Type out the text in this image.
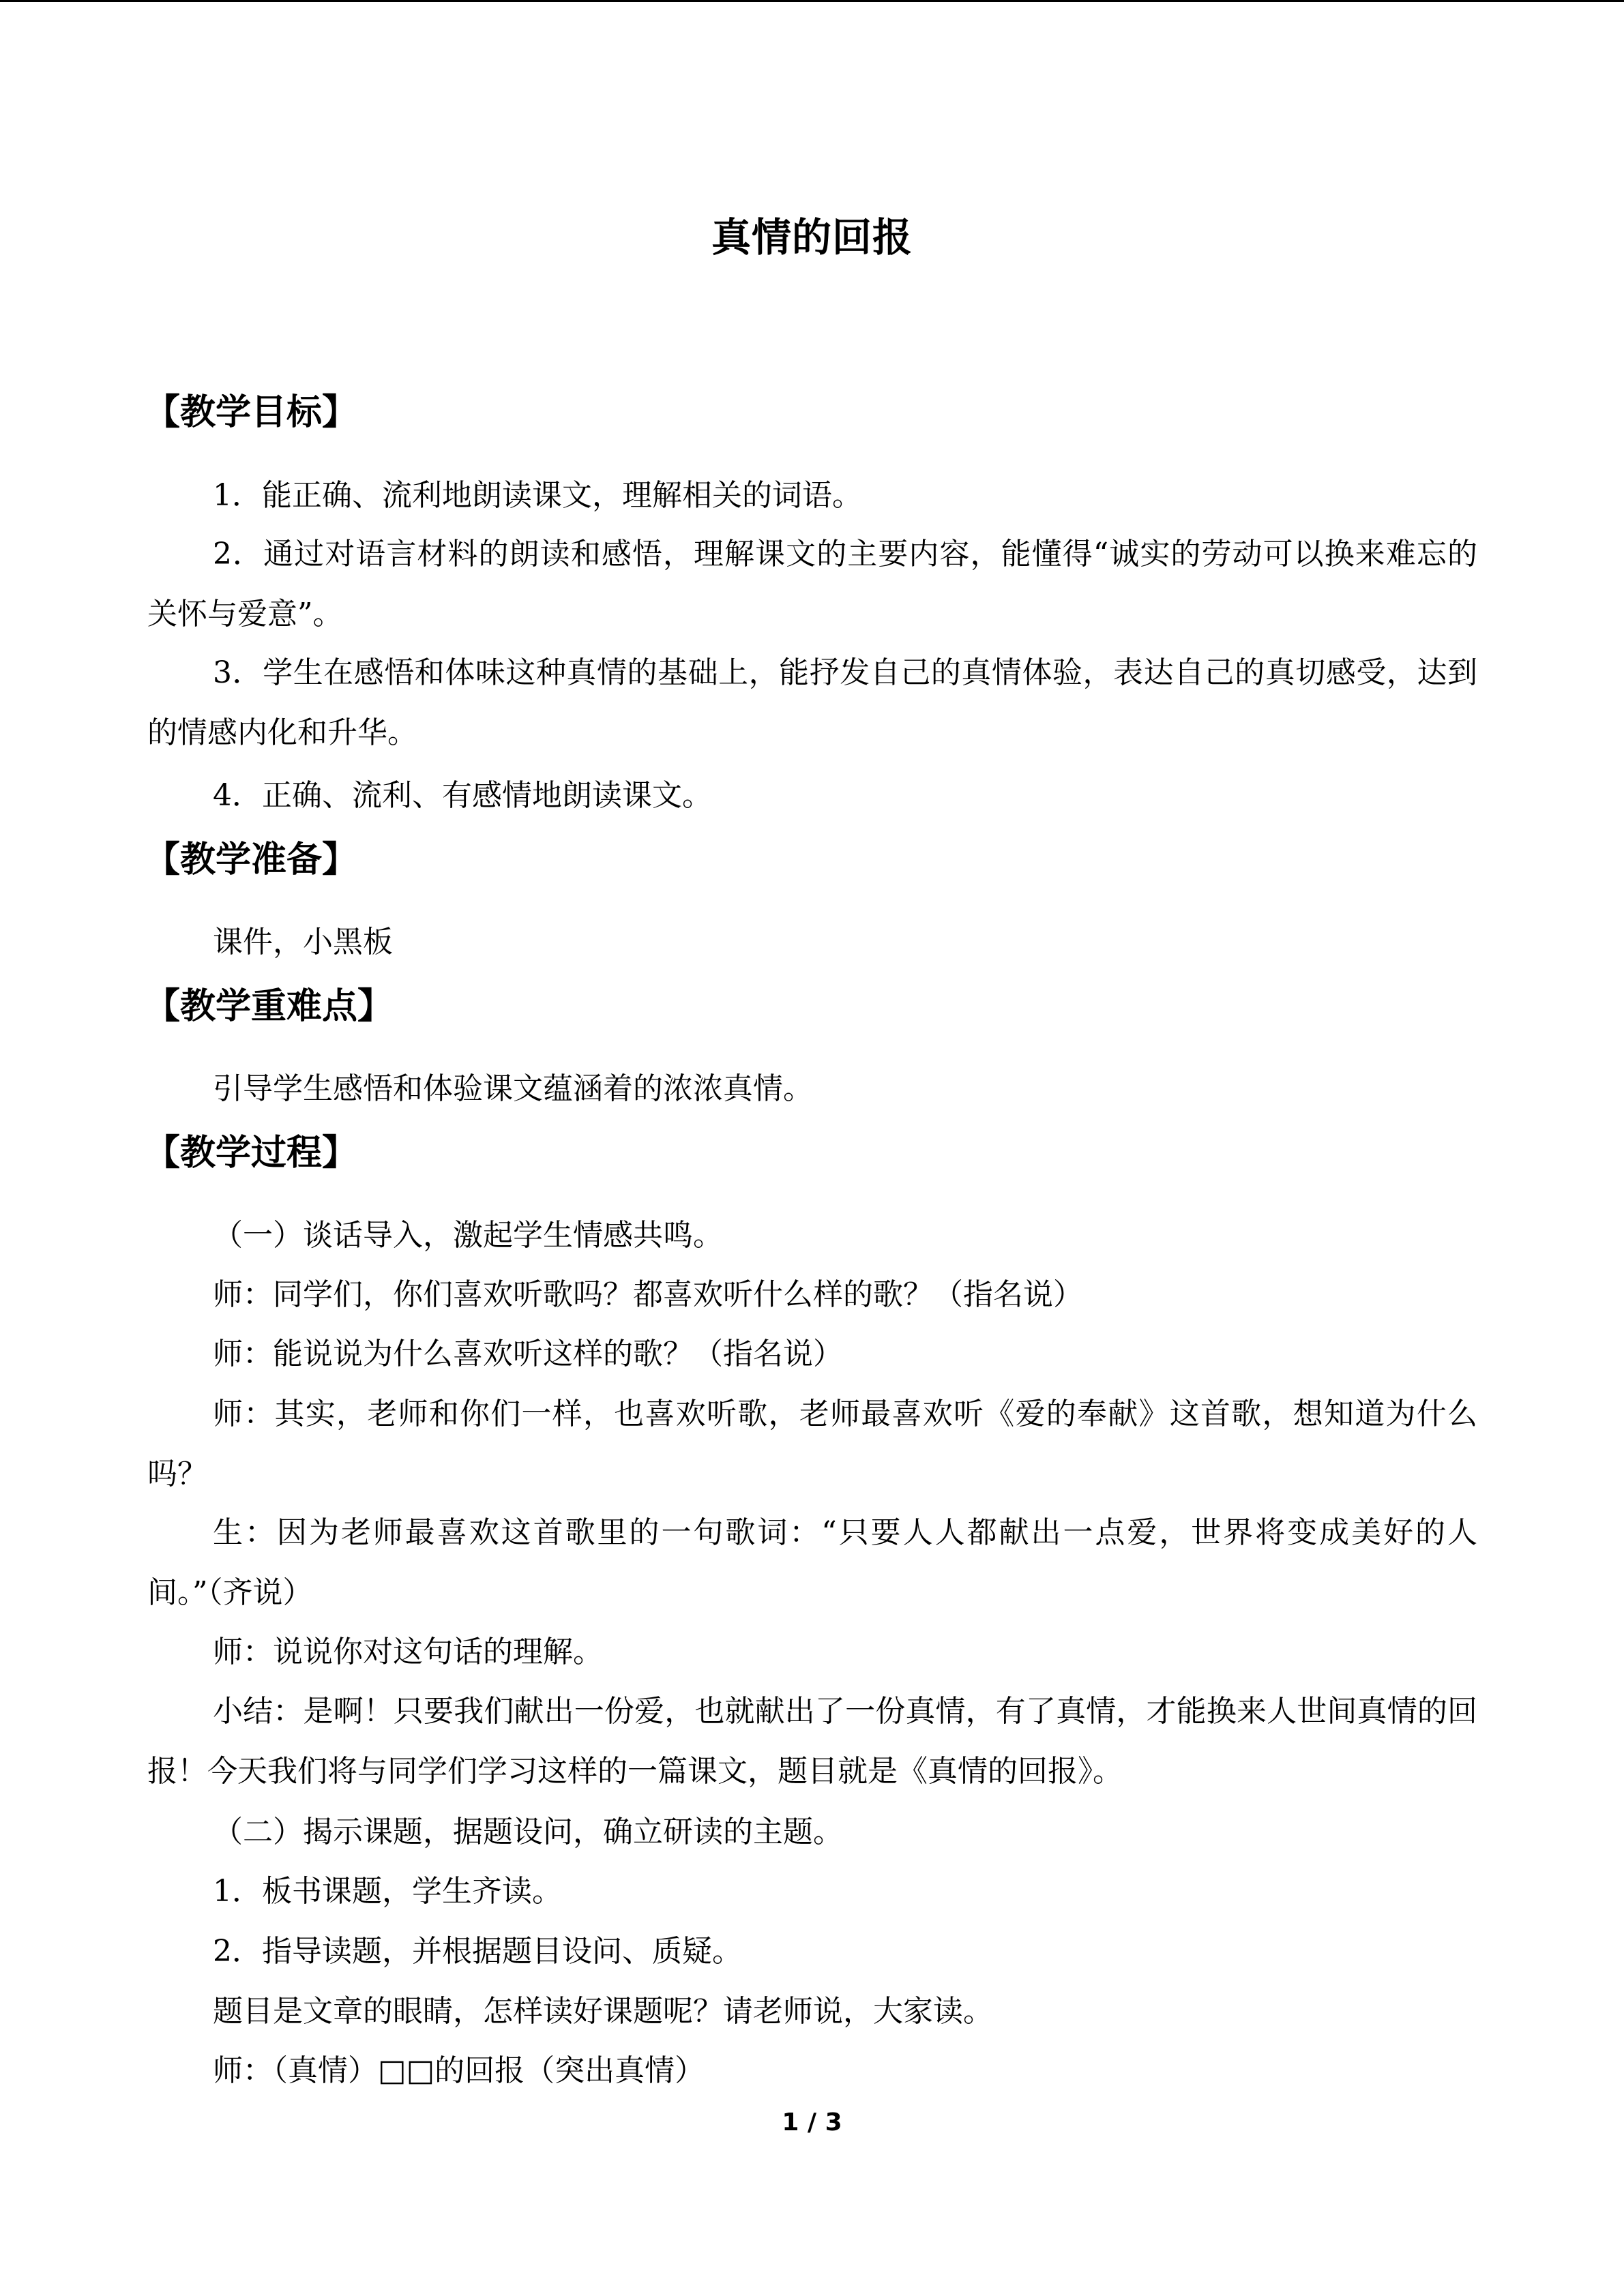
真情的回报
【教学目标】
1．能正确、流利地朗读课文，理解相关的词语。
2．通过对语言材料的朗读和感悟，理解课文的主要内容，能懂得“诚实的劳动可以换来难忘的关怀与爱意”。
3．学生在感悟和体味这种真情的基础上，能抒发自己的真情体验，表达自己的真切感受，达到的情感内化和升华。
4．正确、流利、有感情地朗读课文。
【教学准备】
课件，小黑板
【教学重难点】
引导学生感悟和体验课文蕴涵着的浓浓真情。
【教学过程】
（一）谈话导入，激起学生情感共鸣。
师：同学们，你们喜欢听歌吗？都喜欢听什么样的歌？（指名说）
师：能说说为什么喜欢听这样的歌？（指名说）
师：其实，老师和你们一样，也喜欢听歌，老师最喜欢听《爱的奉献》这首歌，想知道为什么吗？
生：因为老师最喜欢这首歌里的一句歌词：“只要人人都献出一点爱，世界将变成美好的人间。”（齐说）
师：说说你对这句话的理解。
小结：是啊！只要我们献出一份爱，也就献出了一份真情，有了真情，才能换来人世间真情的回报！今天我们将与同学们学习这样的一篇课文，题目就是《真情的回报》。
（二）揭示课题，据题设问，确立研读的主题。
1．板书课题，学生齐读。
2．指导读题，并根据题目设问、质疑。
题目是文章的眼睛，怎样读好课题呢？请老师说，大家读。
师：（真情）□□的回报（突出真情）
1 / 3
